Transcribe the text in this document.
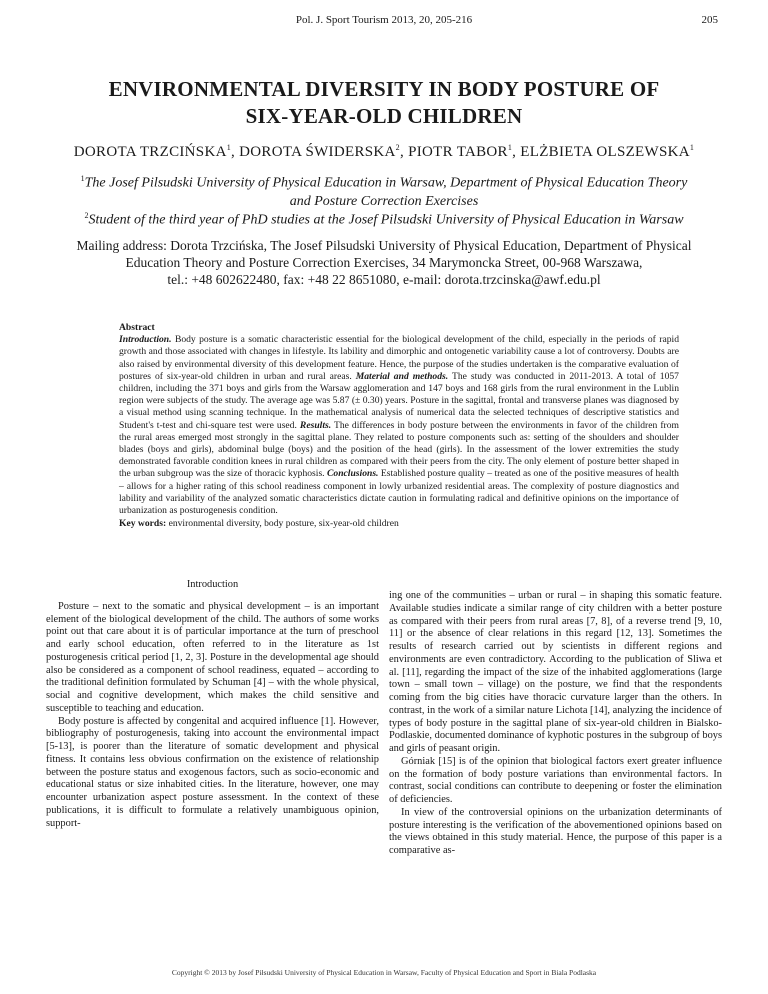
Pol. J. Sport Tourism 2013, 20, 205-216	205
ENVIRONMENTAL DIVERSITY IN BODY POSTURE OF
SIX-YEAR-OLD CHILDREN
DOROTA TRZCIŃSKA$^1$, DOROTA ŚWIDERSKA$^2$, PIOTR TABOR$^1$, ELŻBIETA OLSZEWSKA$^1$
$^1$The Josef Pilsudski University of Physical Education in Warsaw, Department of Physical Education Theory
and Posture Correction Exercises
$^2$Student of the third year of PhD studies at the Josef Pilsudski University of Physical Education in Warsaw
Mailing address: Dorota Trzcińska, The Josef Pilsudski University of Physical Education, Department of Physical
Education Theory and Posture Correction Exercises, 34 Marymoncka Street, 00-968 Warszawa,
tel.: +48 602622480, fax: +48 22 8651080, e-mail: dorota.trzcinska@awf.edu.pl
Abstract
Introduction. Body posture is a somatic characteristic essential for the biological development of the child, especially in the periods of rapid growth and those associated with changes in lifestyle. Its lability and dimorphic and ontogenetic variability cause a lot of controversy. Doubts are also raised by environmental diversity of this development feature. Hence, the purpose of the studies undertaken is the comparative evaluation of postures of six-year-old children in urban and rural areas. Material and methods. The study was conducted in 2011-2013. A total of 1057 children, including the 371 boys and girls from the Warsaw agglomeration and 147 boys and 168 girls from the rural environment in the Lublin region were subjects of the study. The average age was 5.87 (± 0.30) years. Posture in the sagittal, frontal and transverse planes was diagnosed by a visual method using scanning technique. In the mathematical analysis of numerical data the selected techniques of descriptive statistics and Student's t-test and chi-square test were used. Results. The differences in body posture between the environments in favor of the children from the rural areas emerged most strongly in the sagittal plane. They related to posture components such as: setting of the shoulders and shoulder blades (boys and girls), abdominal bulge (boys) and the position of the head (girls). In the assessment of the lower extremities the study demonstrated favorable condition knees in rural children as compared with their peers from the city. The only element of posture better shaped in the urban subgroup was the size of thoracic kyphosis. Conclusions. Established posture quality – treated as one of the positive measures of health – allows for a higher rating of this school readiness component in lowly urbanized residential areas. The complexity of posture diagnostics and lability and variability of the analyzed somatic characteristics dictate caution in formulating radical and definitive opinions on the importance of urbanization as posturogenesis condition.
Key words: environmental diversity, body posture, six-year-old children
Introduction

Posture – next to the somatic and physical development – is an important element of the biological development of the child. The authors of some works point out that care about it is of particular importance at the turn of preschool and early school education, often referred to in the literature as 1st posturogenesis critical period [1, 2, 3]. Posture in the developmental age should also be considered as a component of school readiness, equated – according to the traditional definition formulated by Schuman [4] – with the whole physical, social and cognitive development, which makes the child sensitive and susceptible to teaching and education.

Body posture is affected by congenital and acquired influence [1]. However, bibliography of posturogenesis, taking into account the environmental impact [5-13], is poorer than the literature of somatic development and physical fitness. It contains less obvious confirmation on the existence of relationship between the posture status and exogenous factors, such as socio-economic and educational status or size inhabited cities. In the literature, however, one may encounter urbanization aspect posture assessment. In the context of these publications, it is difficult to formulate a relatively unambiguous opinion, support-

ing one of the communities – urban or rural – in shaping this somatic feature. Available studies indicate a similar range of city children with a better posture as compared with their peers from rural areas [7, 8], of a reverse trend [9, 10, 11] or the absence of clear relations in this regard [12, 13]. Sometimes the results of research carried out by scientists in different regions and environments are even contradictory. According to the publication of Sliwa et al. [11], regarding the impact of the size of the inhabited agglomerations (large town – small town – village) on the posture, we find that the respondents coming from the big cities have thoracic curvature larger than the others. In contrast, in the work of a similar nature Lichota [14], analyzing the incidence of types of body posture in the sagittal plane of six-year-old children in Bialsko-Podlaskie, documented dominance of kyphotic postures in the subgroup of boys and girls of peasant origin.

Górniak [15] is of the opinion that biological factors exert greater influence on the formation of body posture variations than environmental factors. In contrast, social conditions can contribute to deepening or foster the elimination of deficiencies.

In view of the controversial opinions on the urbanization determinants of posture interesting is the verification of the abovementioned opinions based on the views obtained in this study material. Hence, the purpose of this paper is a comparative as-

Copyright © 2013 by Josef Piłsudski University of Physical Education in Warsaw, Faculty of Physical Education and Sport in Biala Podlaska
